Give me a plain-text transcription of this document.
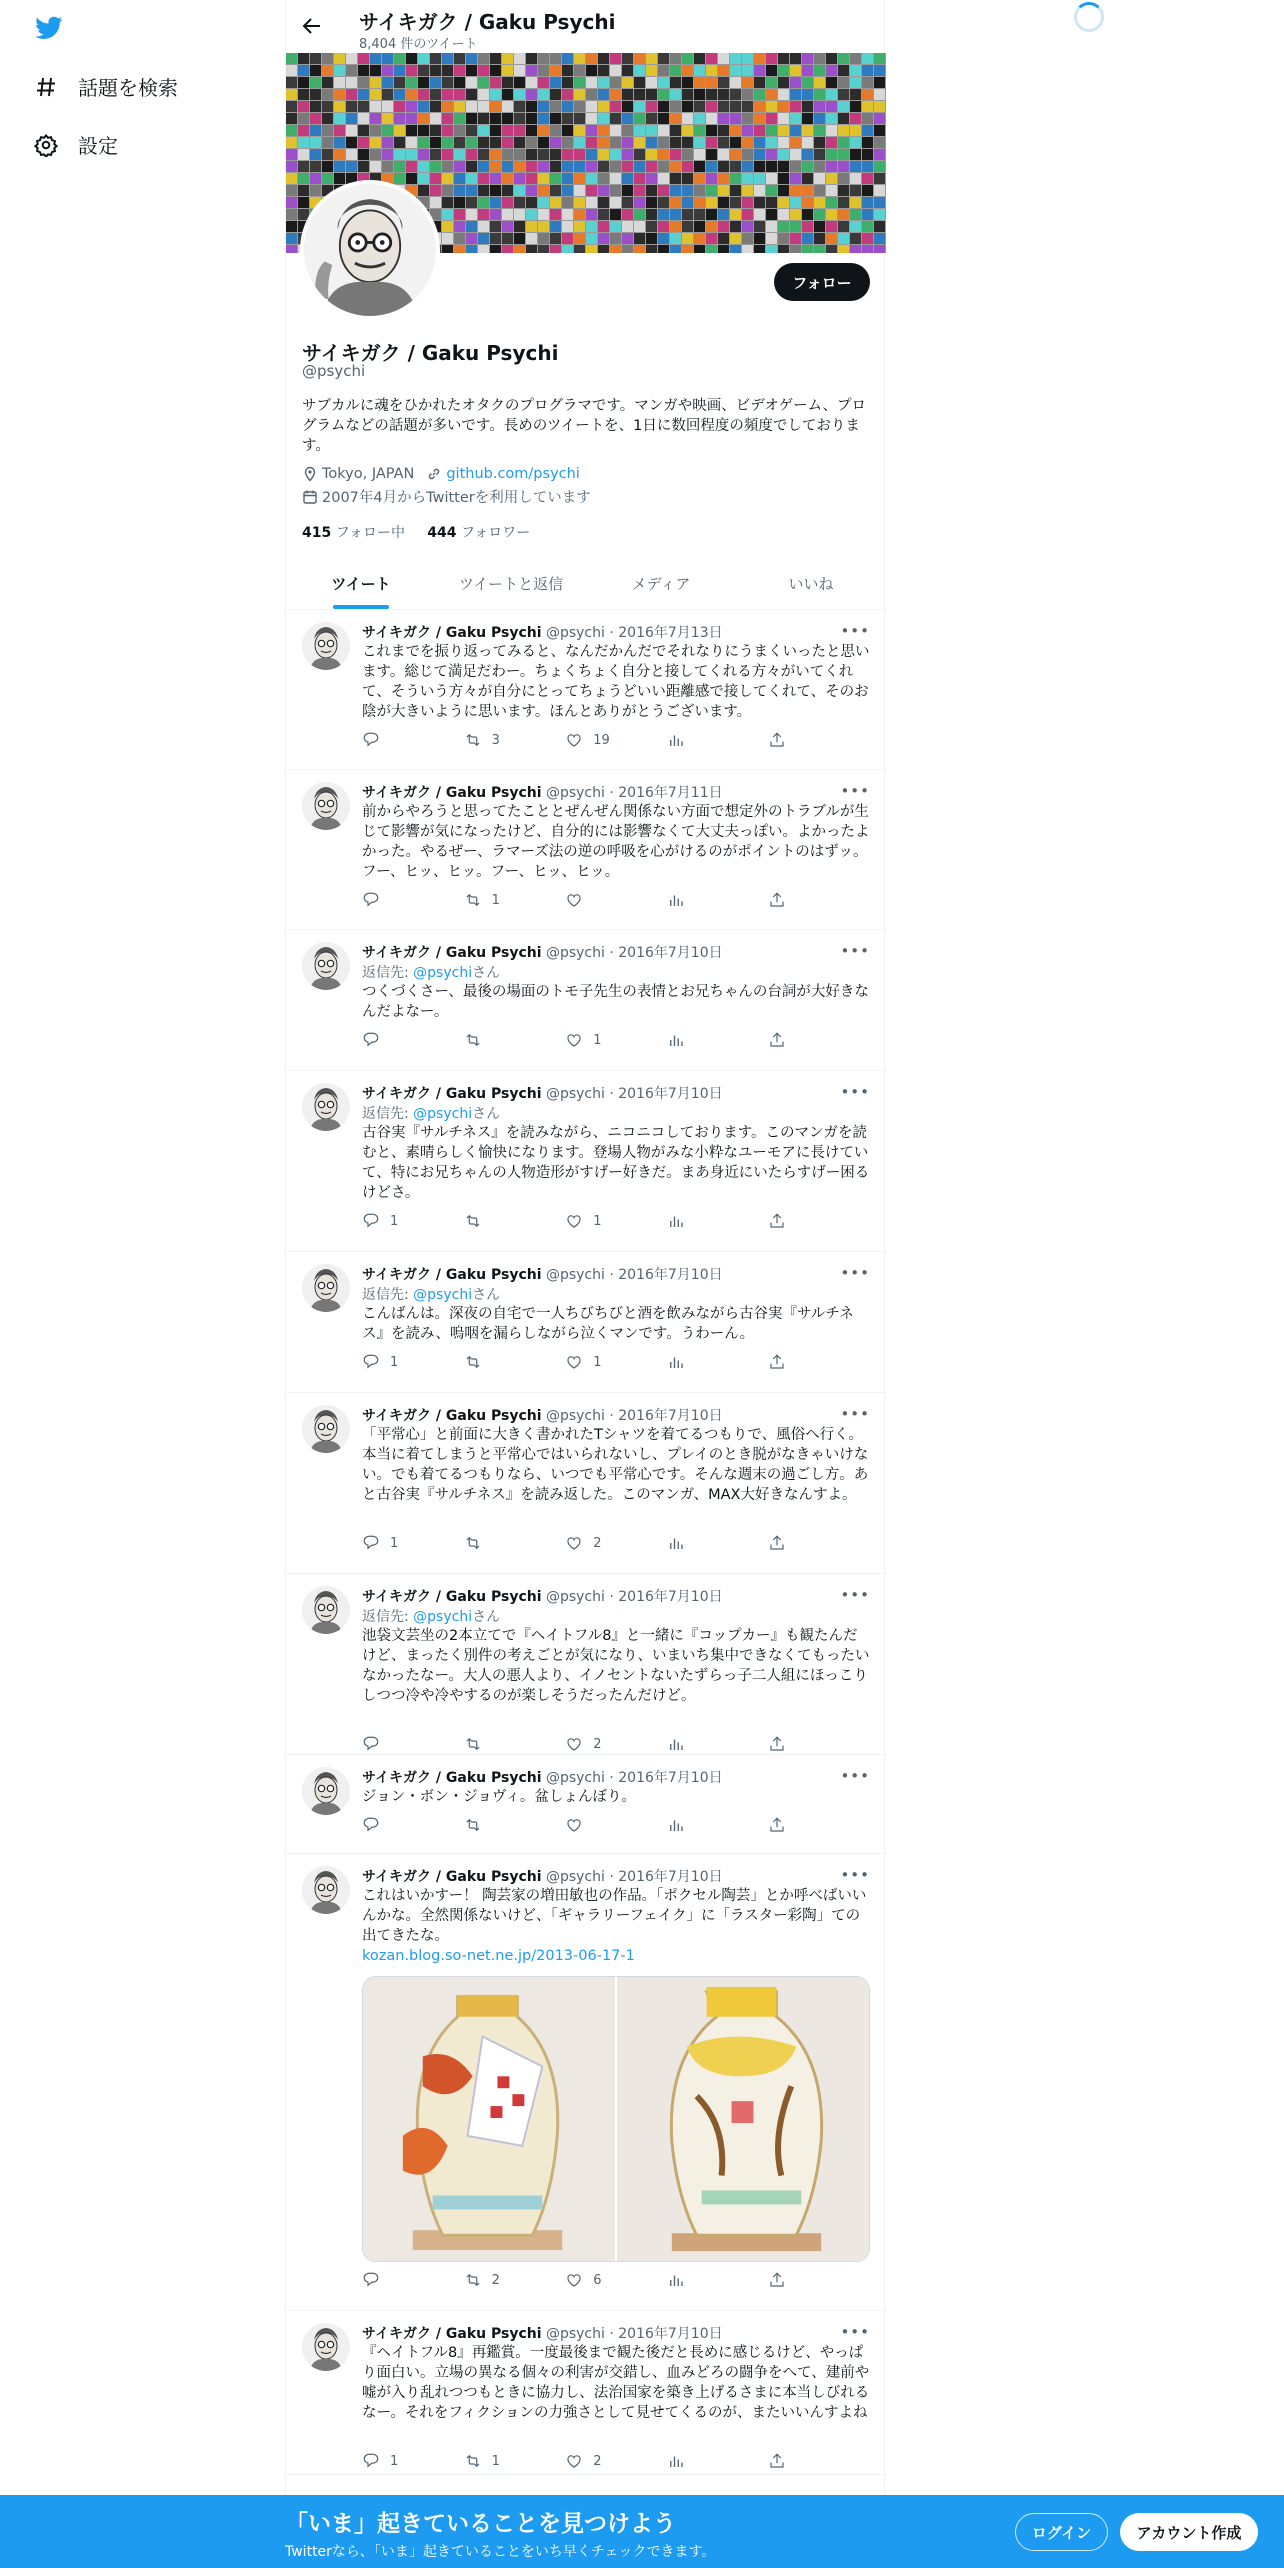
話題を検索
設定
サイキガク / Gaku Psychi
8,404 件のツイート
フォロー
サイキガク / Gaku Psychi
@psychi
サブカルに魂をひかれたオタクのプログラマです。マンガや映画、ビデオゲーム、プログラムなどの話題が多いです。長めのツイートを、1日に数回程度の頻度でしております。
Tokyo, JAPAN github.com/psychi
2007年4月からTwitterを利用しています
415 フォロー中 444 フォロワー
ツイート	ツイートと返信	メディア	いいね
サイキガク / Gaku Psychi @psychi · 2016年7月13日	•••
これまでを振り返ってみると、なんだかんだでそれなりにうまくいったと思います。総じて満足だわー。ちょくちょく自分と接してくれる方々がいてくれて、そういう方々が自分にとってちょうどいい距離感で接してくれて、そのお陰が大きいように思います。ほんとありがとうございます。
3	19
サイキガク / Gaku Psychi @psychi · 2016年7月11日	•••
前からやろうと思ってたこととぜんぜん関係ない方面で想定外のトラブルが生じて影響が気になったけど、自分的には影響なくて大丈夫っぽい。よかったよかった。やるぜー、ラマーズ法の逆の呼吸を心がけるのがポイントのはずッ。フー、ヒッ、ヒッ。フー、ヒッ、ヒッ。
1
サイキガク / Gaku Psychi @psychi · 2016年7月10日	•••
返信先: @psychiさん
つくづくさー、最後の場面のトモ子先生の表情とお兄ちゃんの台詞が大好きなんだよなー。
1
サイキガク / Gaku Psychi @psychi · 2016年7月10日	•••
返信先: @psychiさん
古谷実『サルチネス』を読みながら、ニコニコしております。このマンガを読むと、素晴らしく愉快になります。登場人物がみな小粋なユーモアに長けていて、特にお兄ちゃんの人物造形がすげー好きだ。まあ身近にいたらすげー困るけどさ。
1	1
サイキガク / Gaku Psychi @psychi · 2016年7月10日	•••
返信先: @psychiさん
こんばんは。深夜の自宅で一人ちびちびと酒を飲みながら古谷実『サルチネス』を読み、嗚咽を漏らしながら泣くマンです。うわーん。
1	1
サイキガク / Gaku Psychi @psychi · 2016年7月10日	•••
「平常心」と前面に大きく書かれたTシャツを着てるつもりで、風俗へ行く。本当に着てしまうと平常心ではいられないし、プレイのとき脱がなきゃいけない。でも着てるつもりなら、いつでも平常心です。そんな週末の過ごし方。あと古谷実『サルチネス』を読み返した。このマンガ、MAX大好きなんすよ。
1	2
サイキガク / Gaku Psychi @psychi · 2016年7月10日	•••
返信先: @psychiさん
池袋文芸坐の2本立てで『ヘイトフル8』と一緒に『コップカー』も観たんだけど、まったく別件の考えごとが気になり、いまいち集中できなくてもったいなかったなー。大人の悪人より、イノセントないたずらっ子二人組にほっこりしつつ冷や冷やするのが楽しそうだったんだけど。
2
サイキガク / Gaku Psychi @psychi · 2016年7月10日	•••
ジョン・ボン・ジョヴィ。盆しょんぼり。
サイキガク / Gaku Psychi @psychi · 2016年7月10日	•••
これはいかすー！ 陶芸家の増田敏也の作品。「ポクセル陶芸」とか呼べばいいんかな。全然関係ないけど、「ギャラリーフェイク」に「ラスター彩陶」ての出てきたな。
kozan.blog.so-net.ne.jp/2013-06-17-1
2	6
サイキガク / Gaku Psychi @psychi · 2016年7月10日	•••
『ヘイトフル8』再鑑賞。一度最後まで観た後だと長めに感じるけど、やっぱり面白い。立場の異なる個々の利害が交錯し、血みどろの闘争をへて、建前や嘘が入り乱れつつもときに協力し、法治国家を築き上げるさまに本当しびれるなー。それをフィクションの力強さとして見せてくるのが、またいいんすよね
1	1	2
「いま」起きていることを見つけよう
Twitterなら、「いま」起きていることをいち早くチェックできます。
ログイン	アカウント作成
